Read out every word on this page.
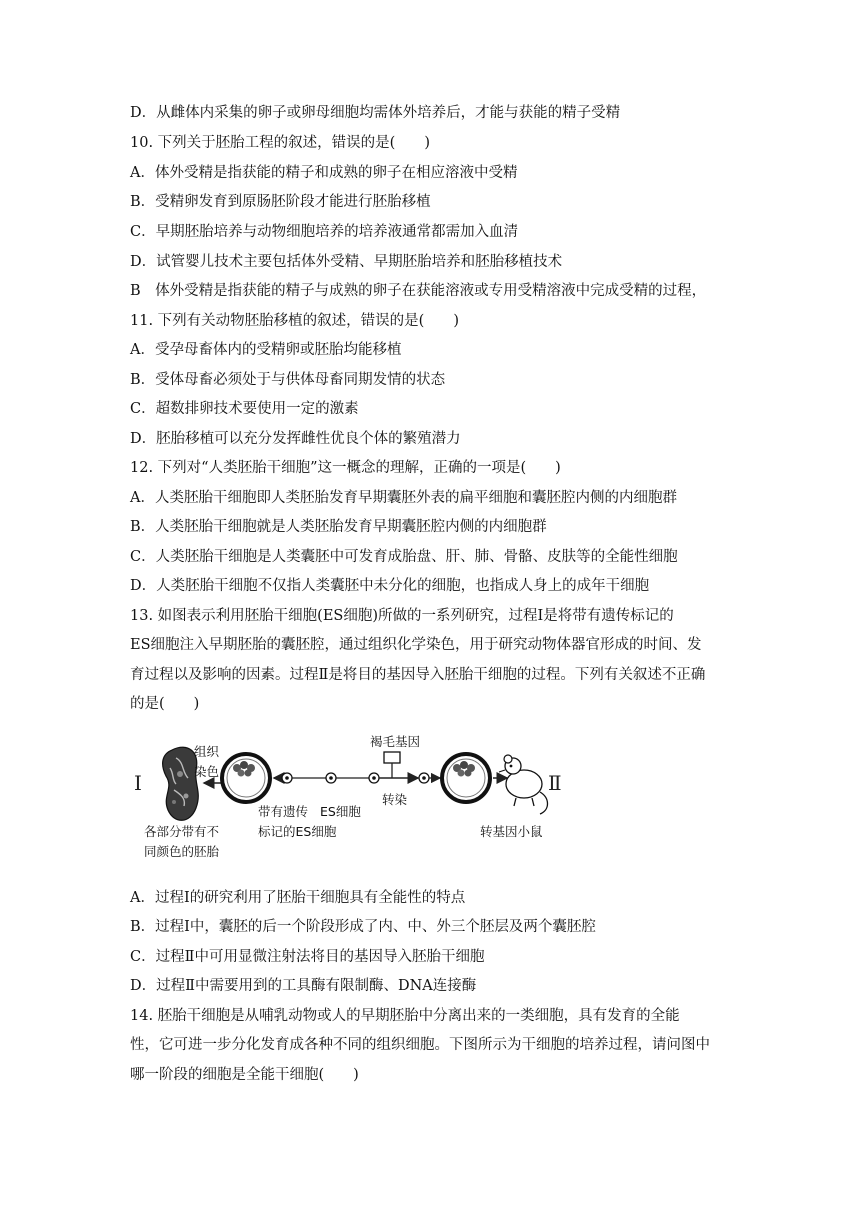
D．从雌体内采集的卵子或卵母细胞均需体外培养后，才能与获能的精子受精
10. 下列关于胚胎工程的叙述，错误的是(　　)
A．体外受精是指获能的精子和成熟的卵子在相应溶液中受精
B．受精卵发育到原肠胚阶段才能进行胚胎移植
C．早期胚胎培养与动物细胞培养的培养液通常都需加入血清
D．试管婴儿技术主要包括体外受精、早期胚胎培养和胚胎移植技术
B　体外受精是指获能的精子与成熟的卵子在获能溶液或专用受精溶液中完成受精的过程，
11. 下列有关动物胚胎移植的叙述，错误的是(　　)
A．受孕母畜体内的受精卵或胚胎均能移植
B．受体母畜必须处于与供体母畜同期发情的状态
C．超数排卵技术要使用一定的激素
D．胚胎移植可以充分发挥雌性优良个体的繁殖潜力
12. 下列对“人类胚胎干细胞”这一概念的理解，正确的一项是(　　)
A．人类胚胎干细胞即人类胚胎发育早期囊胚外表的扁平细胞和囊胚腔内侧的内细胞群
B．人类胚胎干细胞就是人类胚胎发育早期囊胚腔内侧的内细胞群
C．人类胚胎干细胞是人类囊胚中可发育成胎盘、肝、肺、骨骼、皮肤等的全能性细胞
D．人类胚胎干细胞不仅指人类囊胚中未分化的细胞，也指成人身上的成年干细胞
13. 如图表示利用胚胎干细胞(ES细胞)所做的一系列研究，过程Ⅰ是将带有遗传标记的
ES细胞注入早期胚胎的囊胚腔，通过组织化学染色，用于研究动物体器官形成的时间、发
育过程以及影响的因素。过程Ⅱ是将目的基因导入胚胎干细胞的过程。下列有关叙述不正确
的是(　　)
Ⅰ
组织
染色
各部分带有不
同颜色的胚胎
带有遗传
标记的ES细胞
ES细胞
褐毛基因
转染
Ⅱ
转基因小鼠
A．过程Ⅰ的研究利用了胚胎干细胞具有全能性的特点
B．过程Ⅰ中，囊胚的后一个阶段形成了内、中、外三个胚层及两个囊胚腔
C．过程Ⅱ中可用显微注射法将目的基因导入胚胎干细胞
D．过程Ⅱ中需要用到的工具酶有限制酶、DNA连接酶
14. 胚胎干细胞是从哺乳动物或人的早期胚胎中分离出来的一类细胞，具有发育的全能
性，它可进一步分化发育成各种不同的组织细胞。下图所示为干细胞的培养过程，请问图中
哪一阶段的细胞是全能干细胞(　　)
